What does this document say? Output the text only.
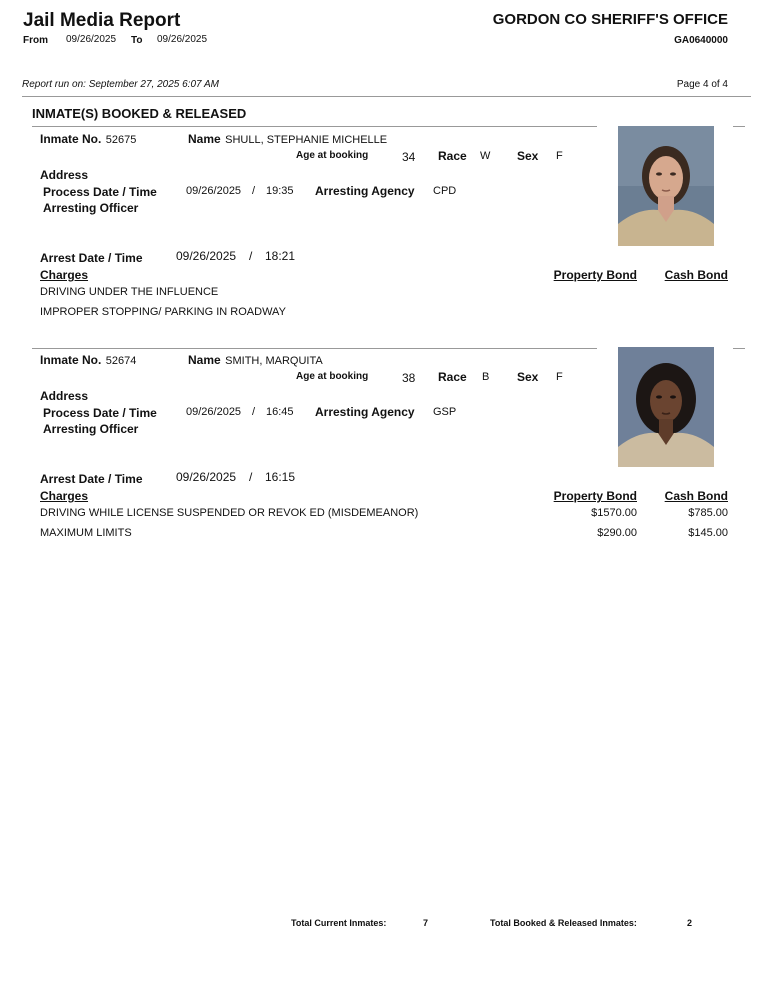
Jail Media Report
From 09/26/2025 To 09/26/2025
GORDON CO SHERIFF'S OFFICE
GA0640000
Report run on: September 27, 2025 6:07 AM	Page 4 of 4
INMATE(S) BOOKED & RELEASED
Inmate No. 52675	Name SHULL, STEPHANIE MICHELLE
Age at booking	34 Race W Sex F
Address
Process Date / Time	09/26/2025 / 19:35 Arresting Agency CPD
Arresting Officer
Arrest Date / Time	09/26/2025 / 18:21
Charges	Property Bond Cash Bond
DRIVING UNDER THE INFLUENCE
IMPROPER STOPPING/ PARKING IN ROADWAY
Inmate No. 52674	Name SMITH, MARQUITA
Age at booking	38 Race B Sex F
Address
Process Date / Time	09/26/2025 / 16:45 Arresting Agency GSP
Arresting Officer
Arrest Date / Time	09/26/2025 / 16:15
Charges	Property Bond Cash Bond
DRIVING WHILE LICENSE SUSPENDED OR REVOK ED (MISDEMEANOR)	$1570.00	$785.00
MAXIMUM LIMITS	$290.00	$145.00
Total Current Inmates:	7	Total Booked & Released Inmates:	2
